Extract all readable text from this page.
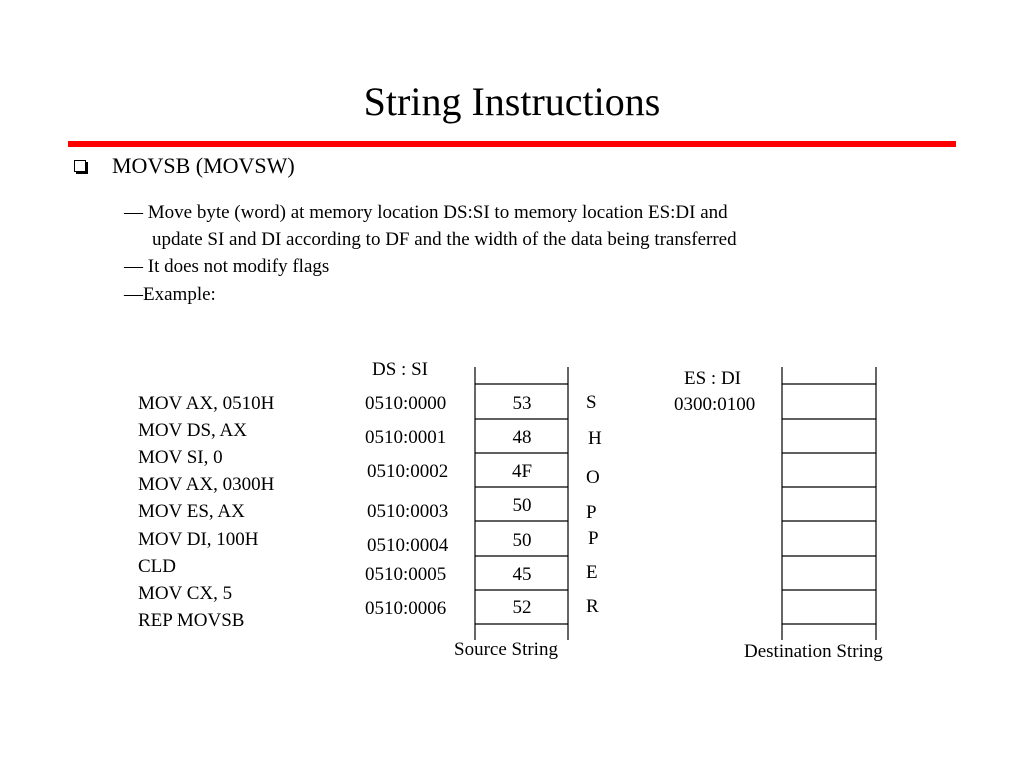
String Instructions
MOVSB (MOVSW)
— Move byte (word) at memory location DS:SI to memory location ES:DI and
update SI and DI according to DF and the width of the data being transferred
— It does not modify flags
—Example:
MOV AX, 0510H
MOV DS, AX
MOV SI, 0
MOV AX, 0300H
MOV ES, AX
MOV DI, 100H
CLD
MOV CX, 5
REP MOVSB
DS : SI
0510:0000
0510:0001
0510:0002
0510:0003
0510:0004
0510:0005
0510:0006
53
48
4F
50
50
45
52
S
H
O
P
P
E
R
Source String
ES : DI
0300:0100
Destination String
